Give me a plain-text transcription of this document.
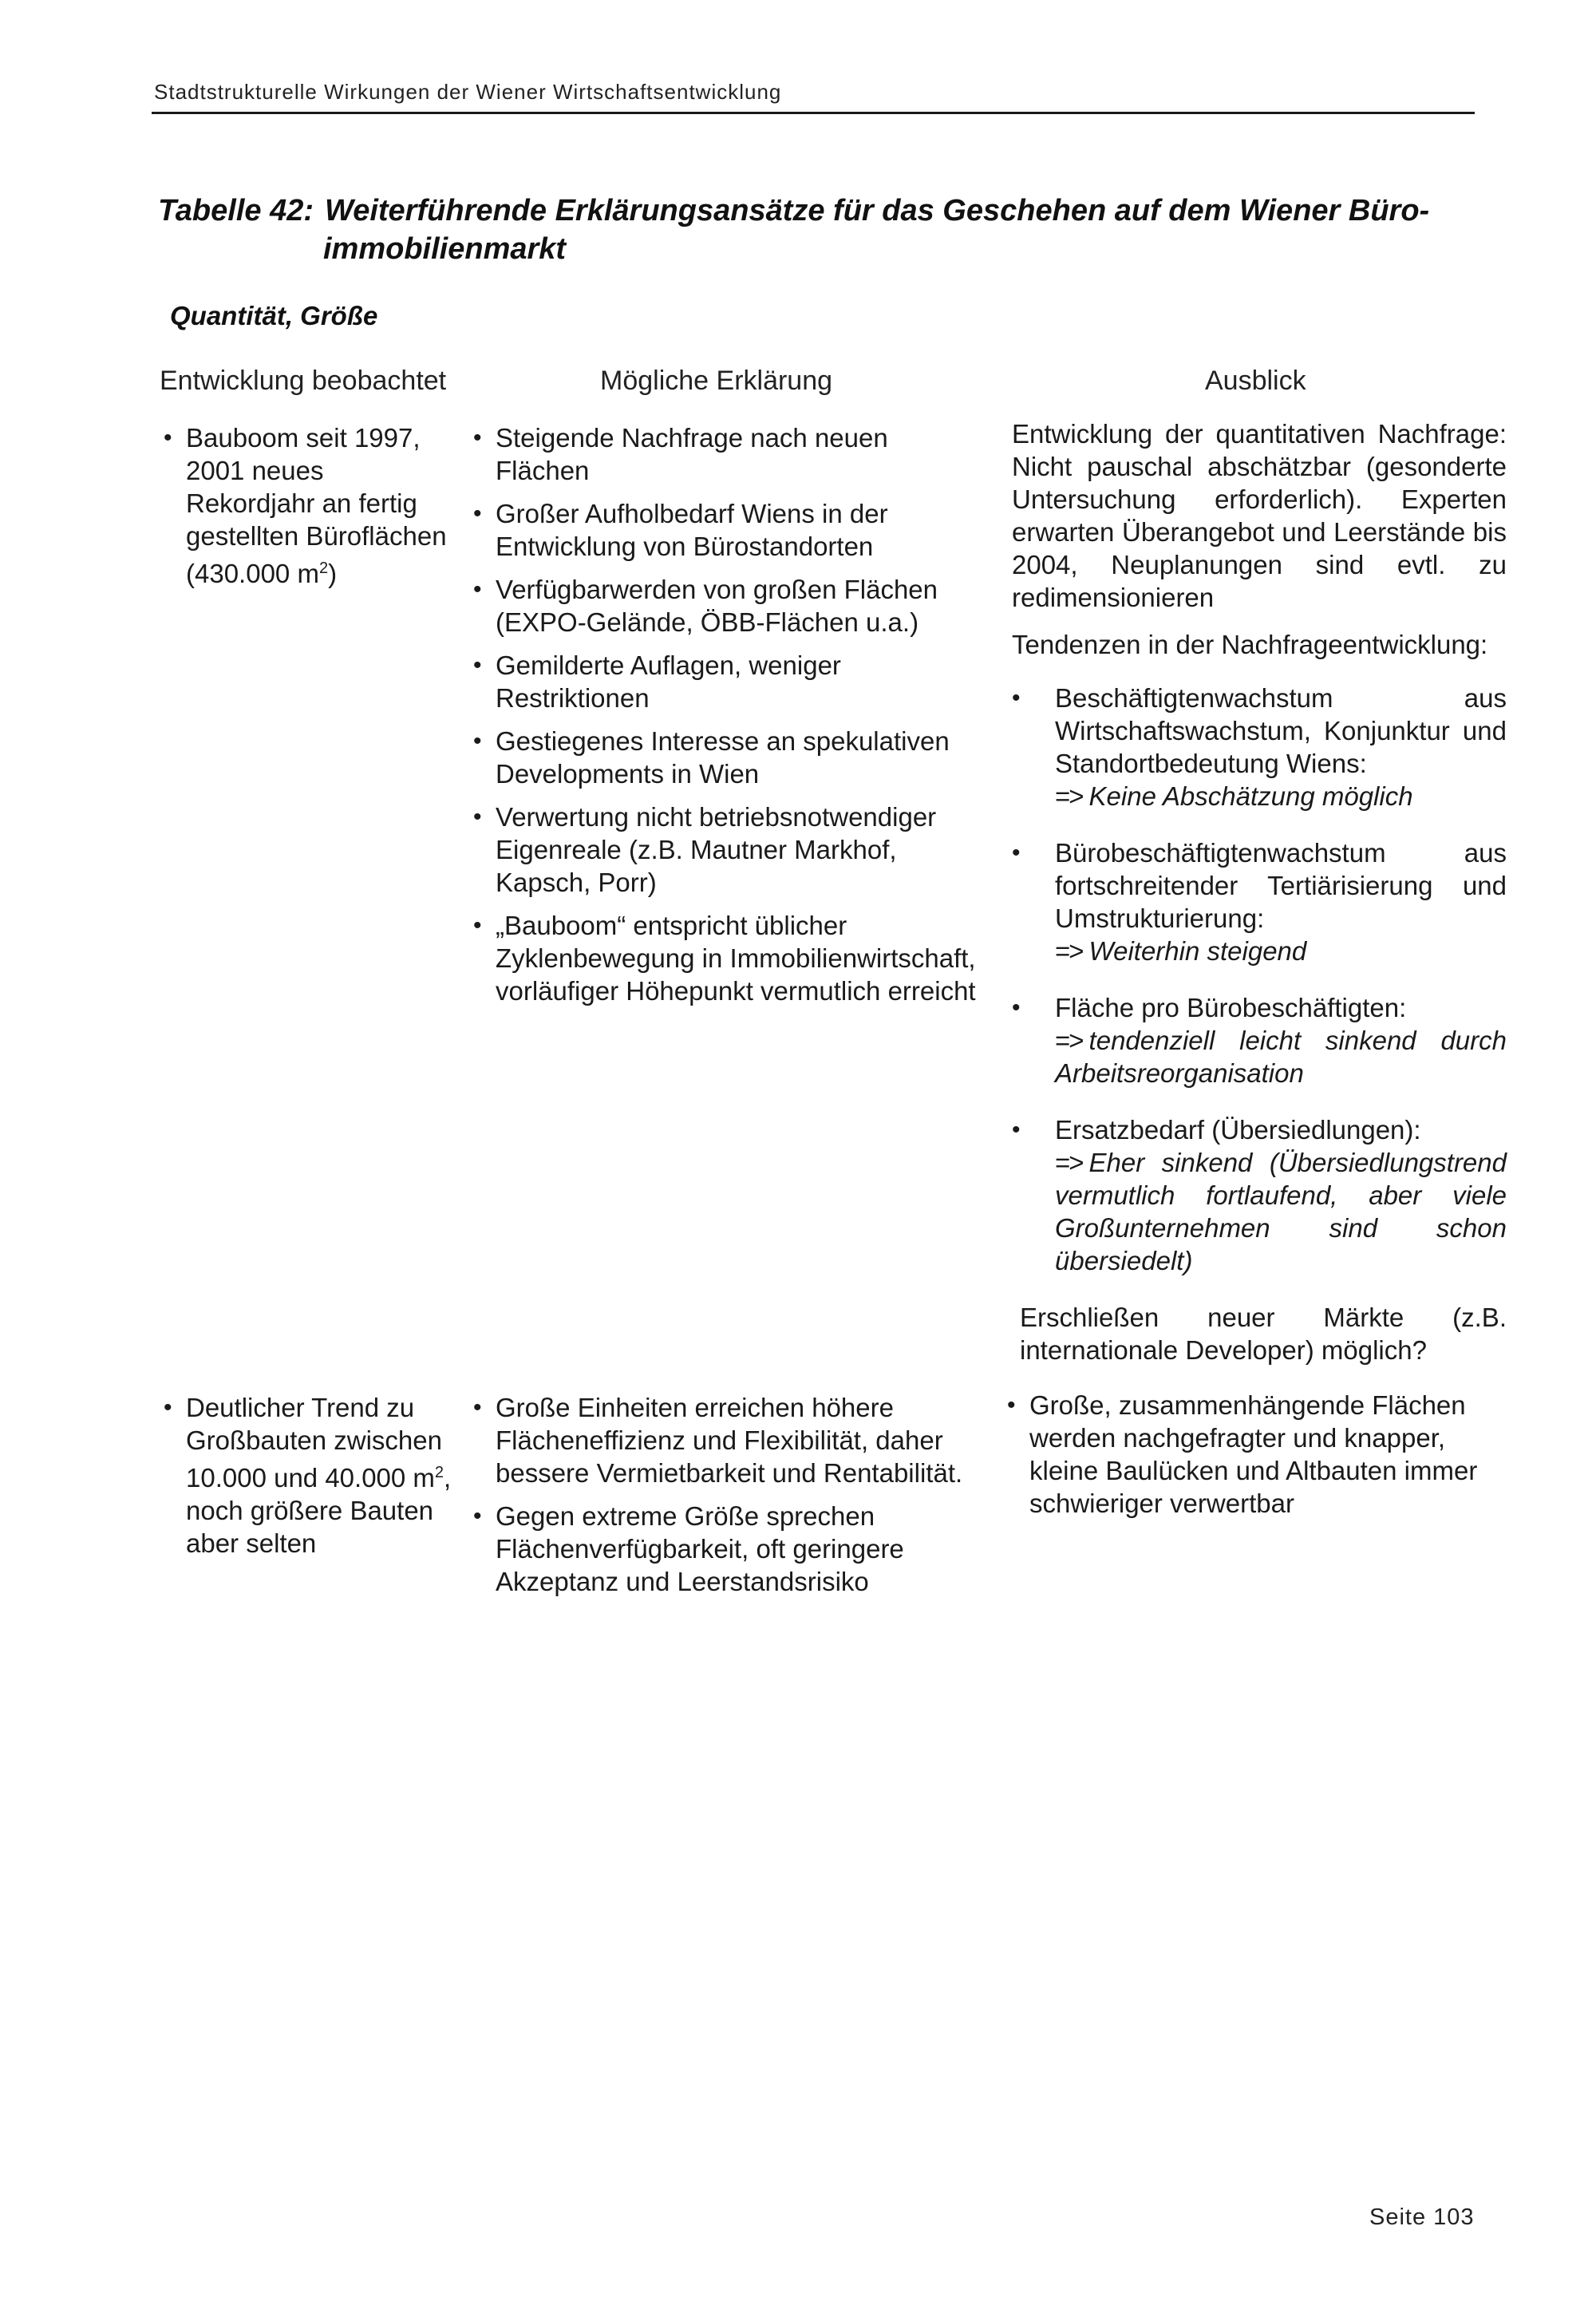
Stadtstrukturelle Wirkungen der Wiener Wirtschaftsentwicklung
Tabelle 42: Weiterführende Erklärungsansätze für das Geschehen auf dem Wiener Büro-
immobilienmarkt
Quantität, Größe
Entwicklung beobachtet	Mögliche Erklärung	Ausblick
• Bauboom seit 1997, 2001 neues Rekordjahr an fertig gestellten Büroflächen (430.000 $m^2$)
• Steigende Nachfrage nach neuen Flächen
• Großer Aufholbedarf Wiens in der Entwicklung von Bürostandorten
• Verfügbarwerden von großen Flächen (EXPO-Gelände, ÖBB-Flächen u.a.)
• Gemilderte Auflagen, weniger Restriktionen
• Gestiegenes Interesse an spekulativen Developments in Wien
• Verwertung nicht betriebsnotwendiger Eigenreale (z.B. Mautner Markhof, Kapsch, Porr)
• „Bauboom“ entspricht üblicher Zyklenbewegung in Immobilienwirtschaft, vorläufiger Höhepunkt vermutlich erreicht

Entwicklung der quantitativen Nachfrage: Nicht pauschal abschätzbar (gesonderte Untersuchung erforderlich). Experten erwarten Überangebot und Leerstände bis 2004, Neuplanungen sind evtl. zu redimensionieren

Tendenzen in der Nachfrageentwicklung:

• Beschäftigtenwachstum aus Wirtschaftswachstum, Konjunktur und Standortbedeutung Wiens:
=> Keine Abschätzung möglich
• Bürobeschäftigtenwachstum aus fortschreitender Tertiärisierung und Umstrukturierung:
=> Weiterhin steigend
• Fläche pro Bürobeschäftigten:
=> tendenziell leicht sinkend durch Arbeitsreorganisation
• Ersatzbedarf (Übersiedlungen):
=> Eher sinkend (Übersiedlungstrend vermutlich fortlaufend, aber viele Großunternehmen sind schon übersiedelt)

Erschließen neuer Märkte (z.B. internationale Developer) möglich?

• Deutlicher Trend zu Großbauten zwischen 10.000 und 40.000 $m^2$, noch größere Bauten aber selten
• Große Einheiten erreichen höhere Flächeneffizienz und Flexibilität, daher bessere Vermietbarkeit und Rentabilität.
• Gegen extreme Größe sprechen Flächenverfügbarkeit, oft geringere Akzeptanz und Leerstandsrisiko
• Große, zusammenhängende Flächen werden nachgefragter und knapper, kleine Baulücken und Altbauten immer schwieriger verwertbar
Seite 103
